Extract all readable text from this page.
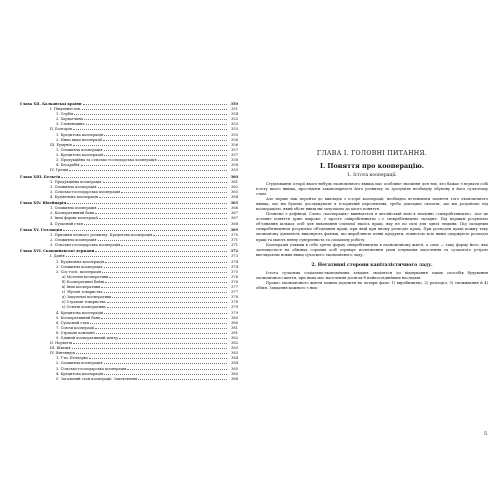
Глава XII. Балканські краіни	350
I. Південнослов.	351
1. Сербія	354
2. Хорватчина	352
3. Словенщина	353
II. Болгарія	353
1. Кредитова кооперація	355
2. Инші види кооперації	356
III. Румунія	356
1. Споживча кооперація	357
2. Кредитова кооперація	357
3. Продукційна та сільсько-господарська кооперація	358
4. Бесарабія	358
IV. Греція	359
Глава XIII. Бельгія	360
1. Продукційна кооперація	361
2. Споживча кооперація	362
3. Сільсько-господарська кооперація	363
4. Будівельна кооперація	364
Глава XIV. Швейцарія	365
1. Споживча кооперація	366
2. Кооперативний банк	367
3. Інші форми кооперації	367
4. Сучасний стан	368
Глава XV. Голландія	369
1. Причини пізнього розвитку. Кредитова кооперація	370
2. Споживча кооперація	371
3. Сільсько-господарська кооперація	371
Глава XVI. Скандинавські держави	372
I. Данія	373
1. Будівельна кооперація	374
2. Споживча кооперація	374
3. Сіл.-госп. кооперація	375
а) Молочні кооперативи	376
б) Кооперативні бойні	376
в) Інші кооперативи	377
г) Збутові товариства	377
д) Закупочні кооперативи	378
е) Страхові товариства	378
є) Освітні кооперативи	379
4. Кредитова кооперація	379
5. Кооперативний банк	380
6. Сучасний стан	380
7. Союзи кооперації	381
8. Страхові компанії	381
9. Єдиний кооперативний центр	382
II. Норвегія	382
III. Швеція	383
IV. Фінляндія	383
1. Т-во Пеллерво	384
2. Споживча кооперація	384
3. Сільсько-господарська кооперація	385
4. Кредитова кооперація	385
5. Загальний стан кооперації. Заключення	386
ГЛАВА I. ГОЛОВНІ ПИТАННЯ.
I. Поняття про кооперацію.
1. Істота кооперації.

Студіювання історії якого-небудь економічного явища має особливе значіння для тих, хто бажає з'ясувати собі істоту цього явища, прослідити закономірності його розвитку та зрозуміти необхідну обумову в його сучасному стані.

Але перше ніж перейти до викладів з історії кооперації, необхідно встановити поняття того економічного явища, що ми будемо досліджувати в історичній перспективі; треба докладно сказати, що ми розуміємо під кооперацією, який обсяг явищ ми залучаємо до цього поняття.

Почнемо з дефініції. Слово «кооперація» вживається в англійській мові в значінні «співробітництво». Але це останнє поняття дуже широке: є просте співробітництво і є співробітництво складне. Під першим розуміємо об'єднання кількох осіб для виконання спільної якоїсь праці, яку не по силі для одної людини. Під складним співробітництвом розуміємо об'єднання праці, при якій при якому розподіл праці. При розподілі праці кожну таку економічну діяльність виконують фахівці, що виробляють певні продукти, повнотою всіх ними одержують розподіл праці та мають певну суверенність та соціальну роботу.

Кооперація узявши в себе третю форму співробітництва в економічному житті, а саме — таку форму його, яка засновується на обмінах сорених осіб отримує полегшення умов існування населення та сучасного устрою виглядаючи нових явищ сучасного економічного ладу.

2. Негативні сторони капіталістичного ладу.

Істота сучасних соціально-економічних завдань зводиться до відшукання таких способів будування економічного життя, при яких мас населення досягав б найпосліднійших наслідків.

Процес економічного життя можна поділити на чотири фази: 1) виробництво, 2) розподіл, 3) споживання й 4) обмін. Завдання кожного з них:

5
